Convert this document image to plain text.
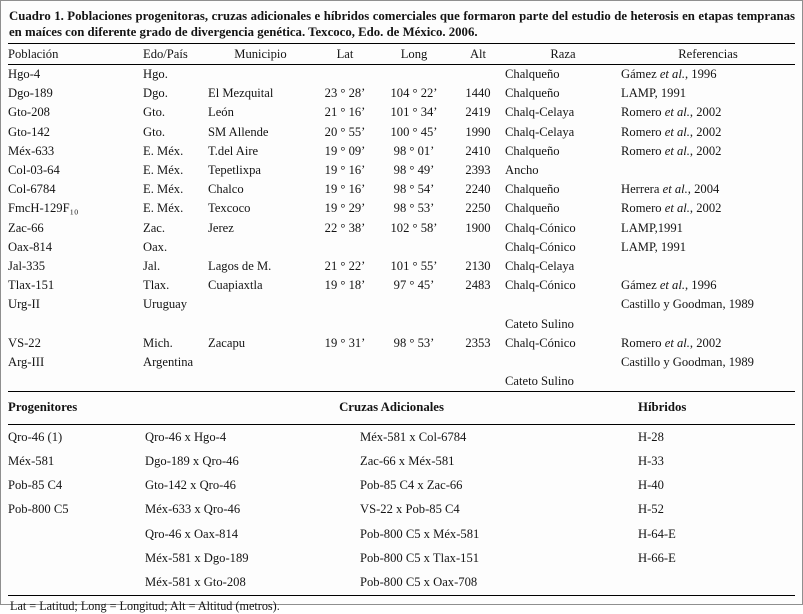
Cuadro 1. Poblaciones progenitoras, cruzas adicionales e híbridos comerciales que formaron parte del estudio de heterosis en etapas tempranas en maíces con diferente grado de divergencia genética. Texcoco, Edo. de México. 2006.
Población	Edo/País	Municipio	Lat	Long	Alt	Raza	Referencias
Hgo-4	Hgo.					Chalqueño	Gámez et al., 1996
Dgo-189	Dgo.	El Mezquital	23 ° 28’	104 ° 22’	1440	Chalqueño	LAMP, 1991
Gto-208	Gto.	León	21 ° 16’	101 ° 34’	2419	Chalq-Celaya	Romero et al., 2002
Gto-142	Gto.	SM Allende	20 ° 55’	100 ° 45’	1990	Chalq-Celaya	Romero et al., 2002
Méx-633	E. Méx.	T.del Aire	19 ° 09’	98 ° 01’	2410	Chalqueño	Romero et al., 2002
Col-03-64	E. Méx.	Tepetlixpa	19 ° 16’	98 ° 49’	2393	Ancho	
Col-6784	E. Méx.	Chalco	19 ° 16’	98 ° 54’	2240	Chalqueño	Herrera et al., 2004
FmcH-129F₁₀	E. Méx.	Texcoco	19 ° 29’	98 ° 53’	2250	Chalqueño	Romero et al., 2002
Zac-66	Zac.	Jerez	22 ° 38’	102 ° 58’	1900	Chalq-Cónico	LAMP,1991
Oax-814	Oax.					Chalq-Cónico	LAMP, 1991
Jal-335	Jal.	Lagos de M.	21 ° 22’	101 ° 55’	2130	Chalq-Celaya	
Tlax-151	Tlax.	Cuapiaxtla	19 ° 18’	97 ° 45’	2483	Chalq-Cónico	Gámez et al., 1996
Urg-II	Uruguay						Castillo y Goodman, 1989
						Cateto Sulino	
VS-22	Mich.	Zacapu	19 ° 31’	98 ° 53’	2353	Chalq-Cónico	Romero et al., 2002
Arg-III	Argentina						Castillo y Goodman, 1989
						Cateto Sulino	
Progenitores	Cruzas Adicionales		Híbridos
Qro-46 (1)	Qro-46 x Hgo-4	Méx-581 x Col-6784	H-28
Méx-581	Dgo-189 x Qro-46	Zac-66 x Méx-581	H-33
Pob-85 C4	Gto-142 x Qro-46	Pob-85 C4 x Zac-66	H-40
Pob-800 C5	Méx-633 x Qro-46	VS-22 x Pob-85 C4	H-52
	Qro-46 x Oax-814	Pob-800 C5 x Méx-581	H-64-E
	Méx-581 x Dgo-189	Pob-800 C5 x Tlax-151	H-66-E
	Méx-581 x Gto-208	Pob-800 C5 x Oax-708	
Lat = Latitud; Long = Longitud; Alt = Altitud (metros).
